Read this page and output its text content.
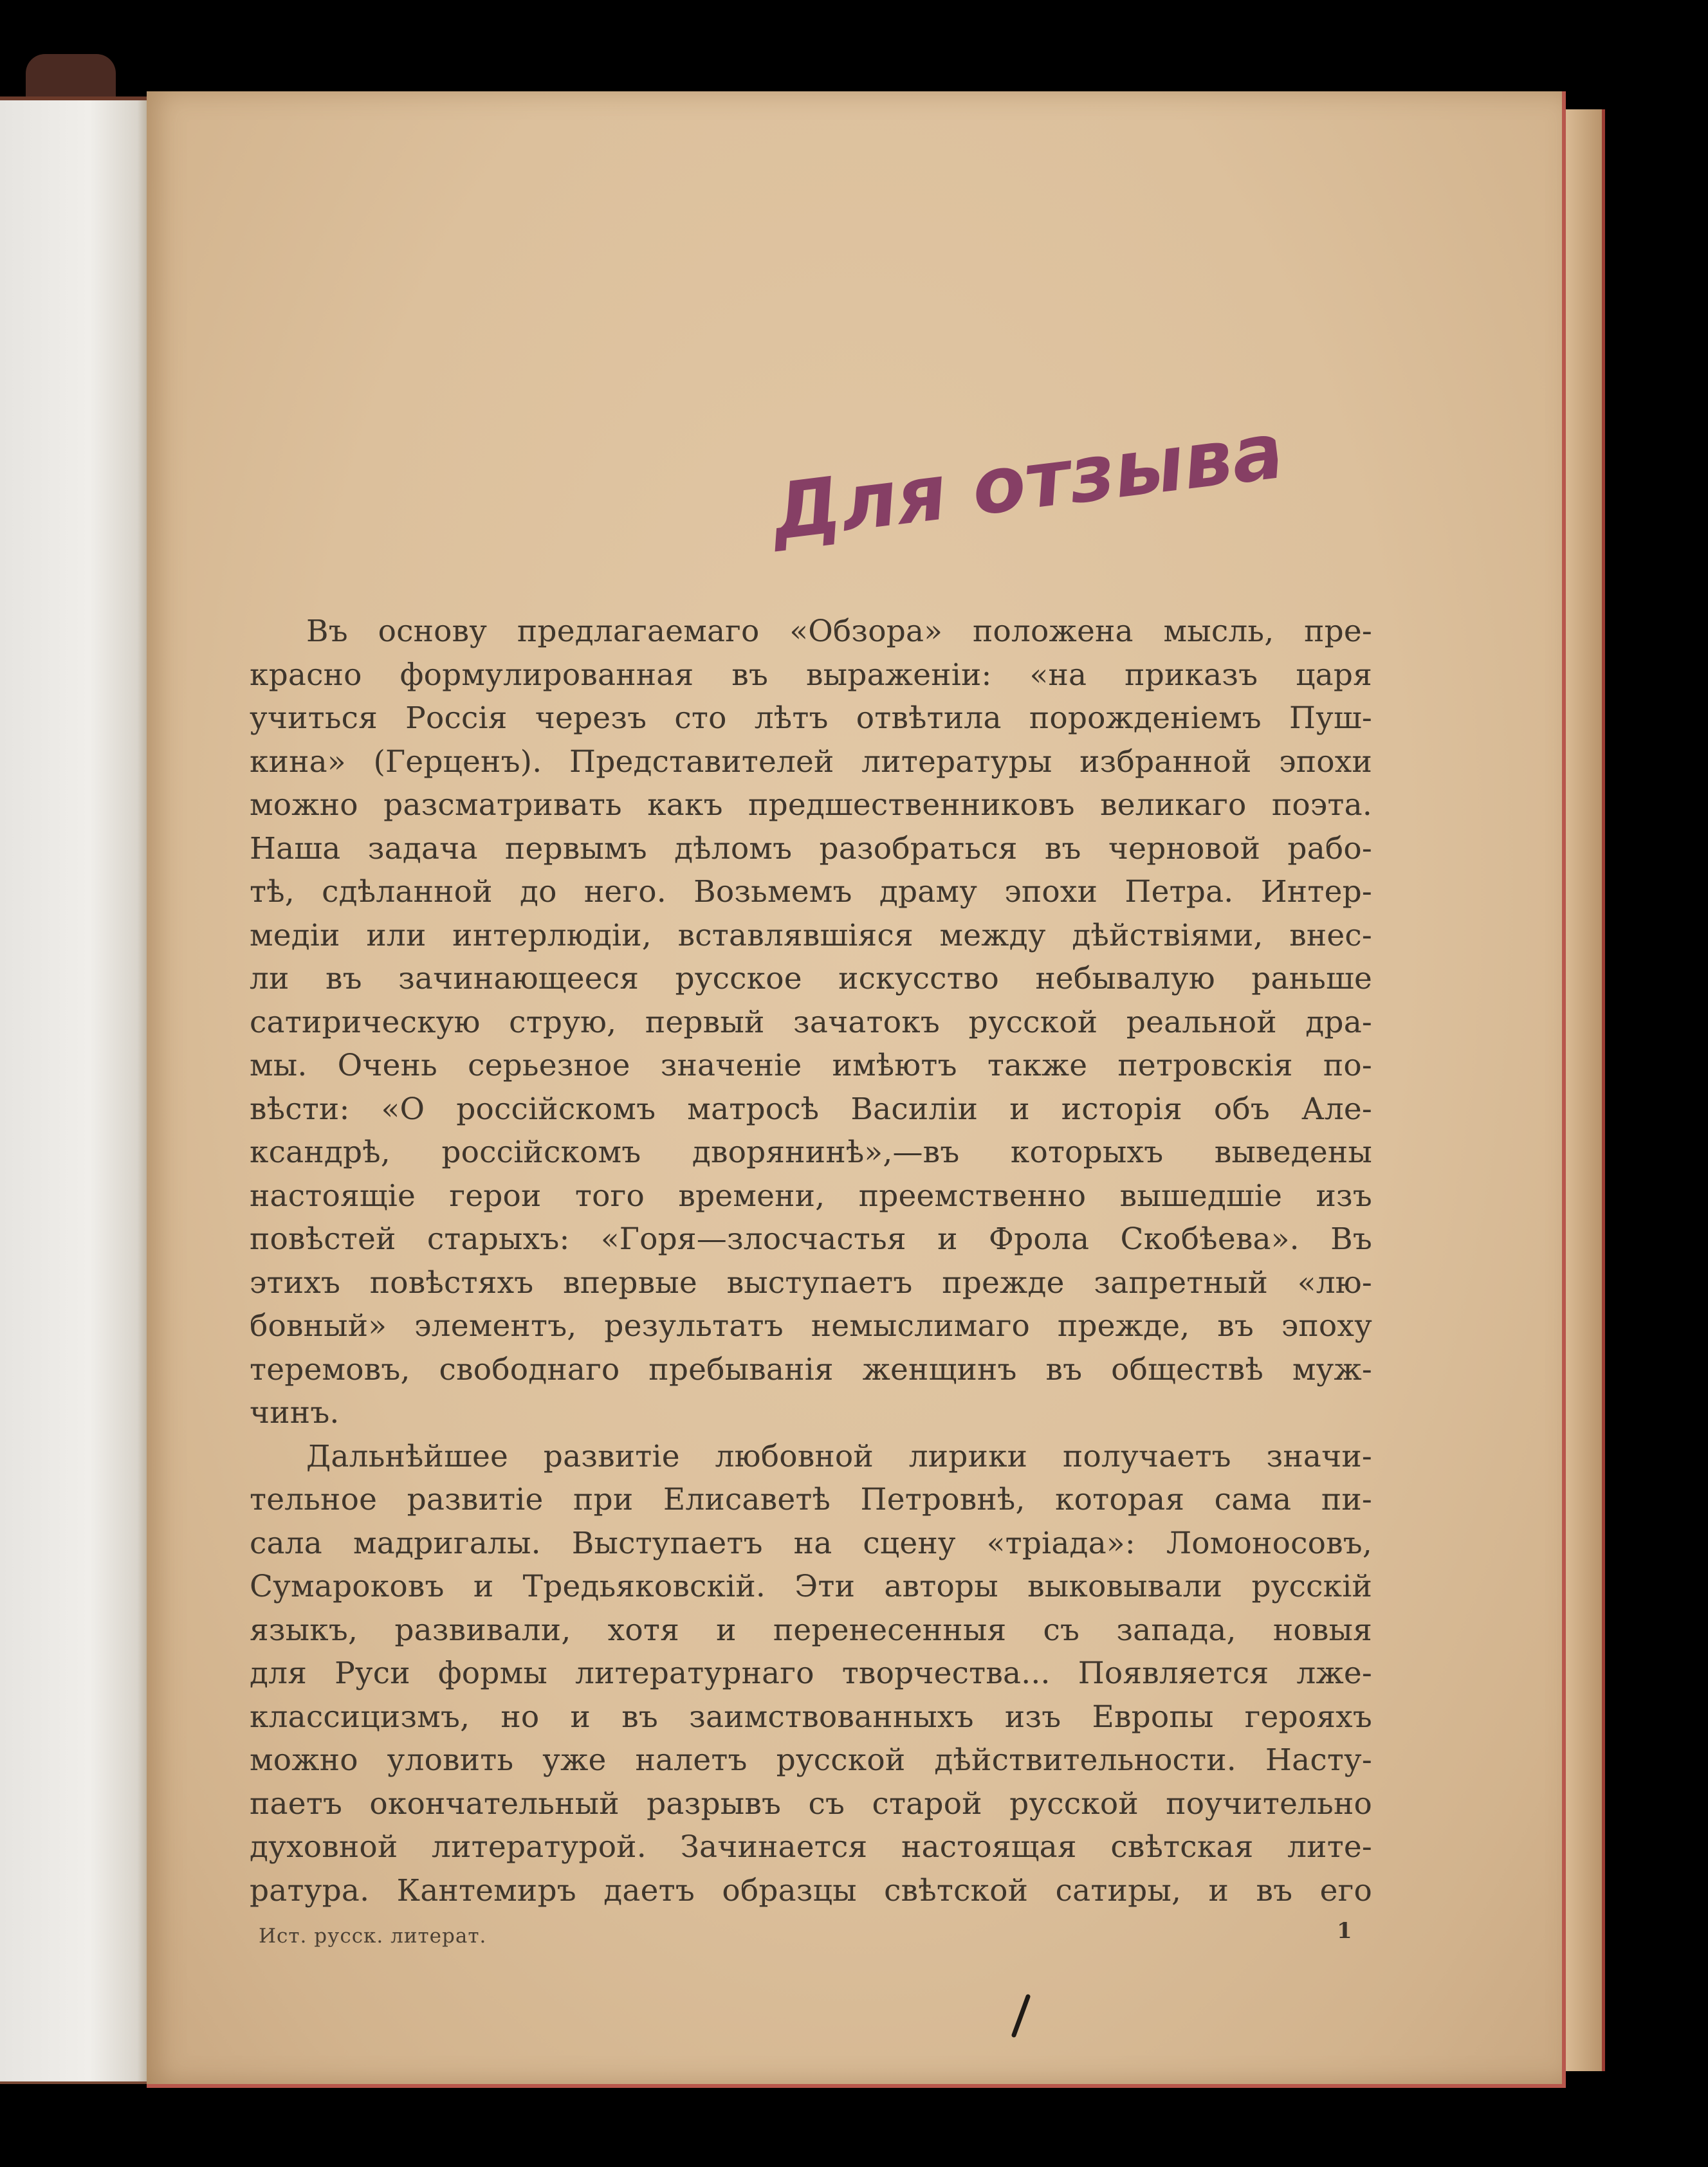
Для отзыва
Въ основу предлагаемаго «Обзора» положена мысль, пре-
красно формулированная въ выраженіи: «на приказъ царя
учиться Россія черезъ сто лѣтъ отвѣтила порожденіемъ Пуш-
кина» (Герценъ). Представителей литературы избранной эпохи
можно разсматривать какъ предшественниковъ великаго поэта.
Наша задача первымъ дѣломъ разобраться въ черновой рабо-
тѣ, сдѣланной до него. Возьмемъ драму эпохи Петра. Интер-
медіи или интерлюдіи, вставлявшіяся между дѣйствіями, внес-
ли въ зачинающееся русское искусство небывалую раньше
сатирическую струю, первый зачатокъ русской реальной дра-
мы. Очень серьезное значеніе имѣютъ также петровскія по-
вѣсти: «О россійскомъ матросѣ Василіи и исторія объ Але-
ксандрѣ, россійскомъ дворянинѣ»,—въ которыхъ выведены
настоящіе герои того времени, преемственно вышедшіе изъ
повѣстей старыхъ: «Горя—злосчастья и Фрола Скобѣева». Въ
этихъ повѣстяхъ впервые выступаетъ прежде запретный «лю-
бовный» элементъ, результатъ немыслимаго прежде, въ эпоху
теремовъ, свободнаго пребыванія женщинъ въ обществѣ муж-
чинъ.
Дальнѣйшее развитіе любовной лирики получаетъ значи-
тельное развитіе при Елисаветѣ Петровнѣ, которая сама пи-
сала мадригалы. Выступаетъ на сцену «тріада»: Ломоносовъ,
Сумароковъ и Тредьяковскій. Эти авторы выковывали русскій
языкъ, развивали, хотя и перенесенныя съ запада, новыя
для Руси формы литературнаго творчества... Появляется лже-
классицизмъ, но и въ заимствованныхъ изъ Европы герояхъ
можно уловить уже налетъ русской дѣйствительности. Насту-
паетъ окончательный разрывъ съ старой русской поучительно
духовной литературой. Зачинается настоящая свѣтская лите-
ратура. Кантемиръ даетъ образцы свѣтской сатиры, и въ его
Ист. русск. литерат.	1
